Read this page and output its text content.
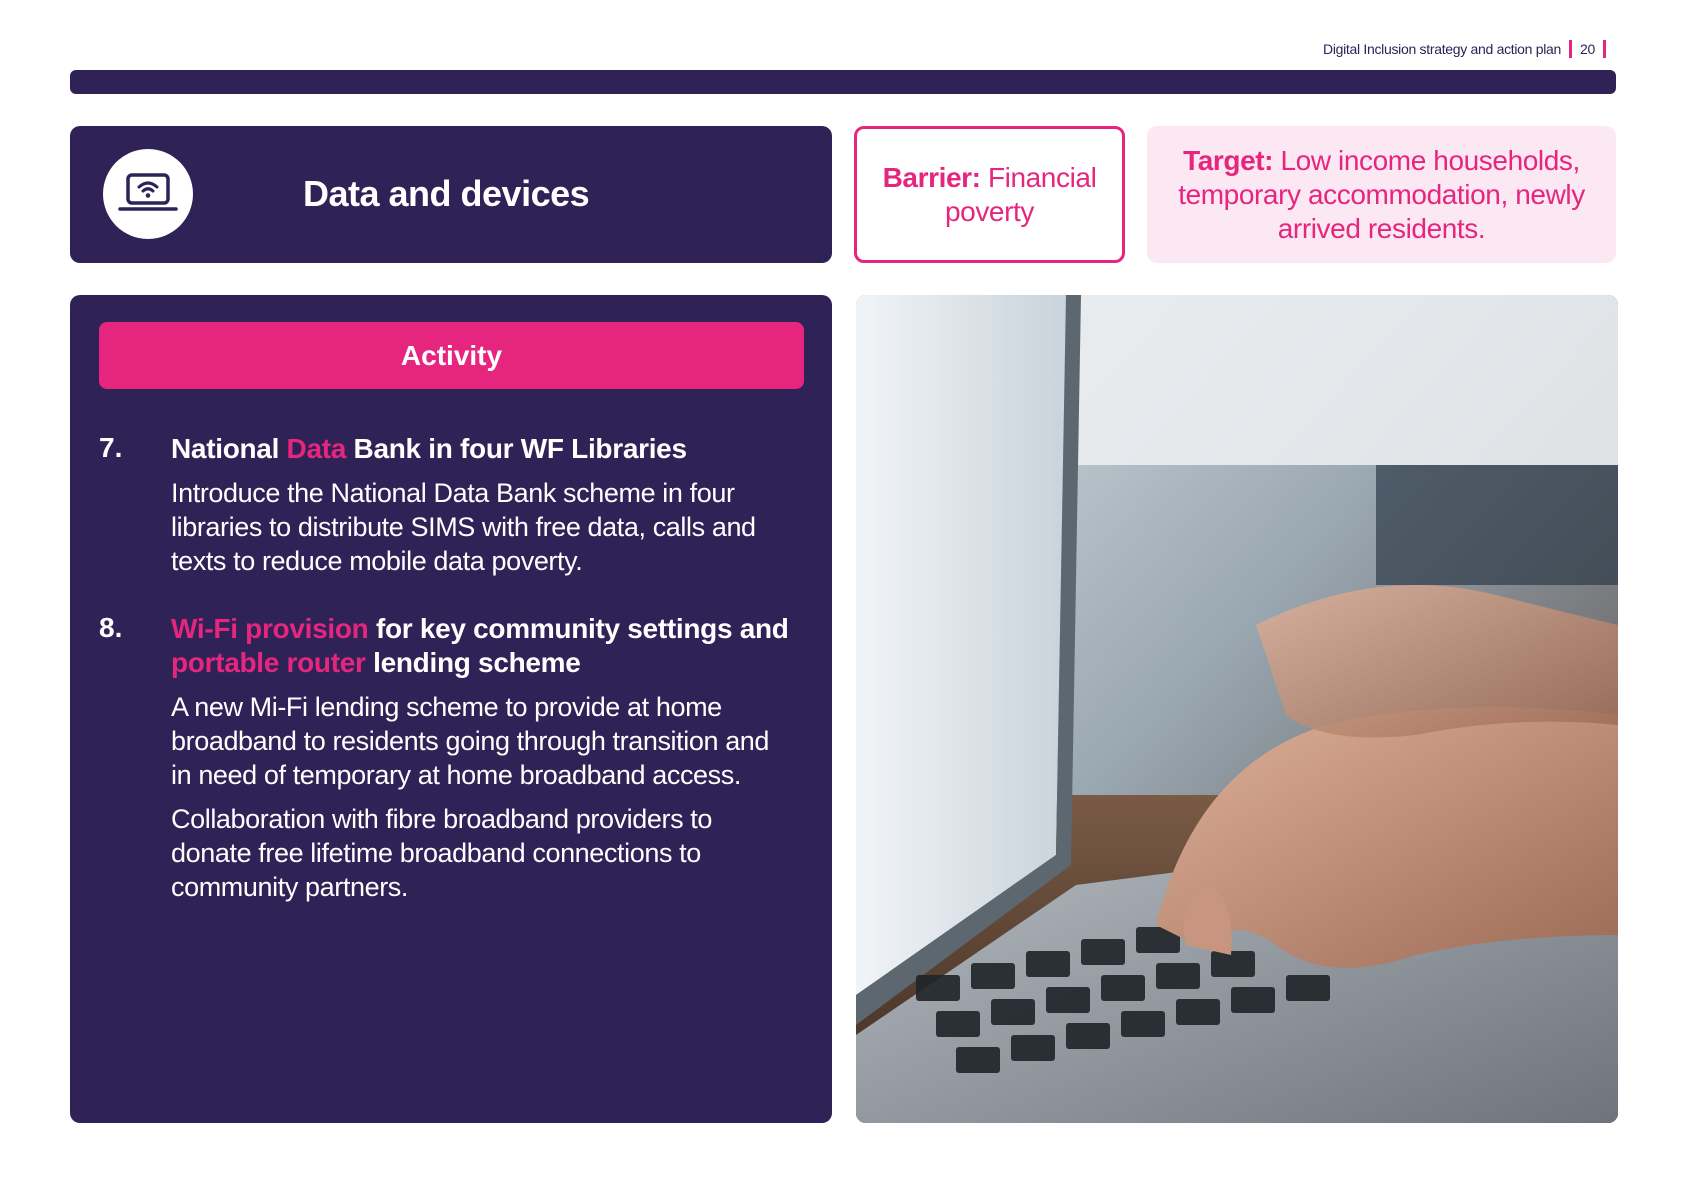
Digital Inclusion strategy and action plan 20
Data and devices	Barrier: Financial poverty
Target: Low income households, temporary accommodation, newly arrived residents.
Activity
7. National Data Bank in four WF Libraries

Introduce the National Data Bank scheme in four libraries to distribute SIMS with free data, calls and texts to reduce mobile data poverty.

8. Wi-Fi provision for key community settings and portable router lending scheme

A new Mi-Fi lending scheme to provide at home broadband to residents going through transition and in need of temporary at home broadband access.

Collaboration with fibre broadband providers to donate free lifetime broadband connections to community partners.
